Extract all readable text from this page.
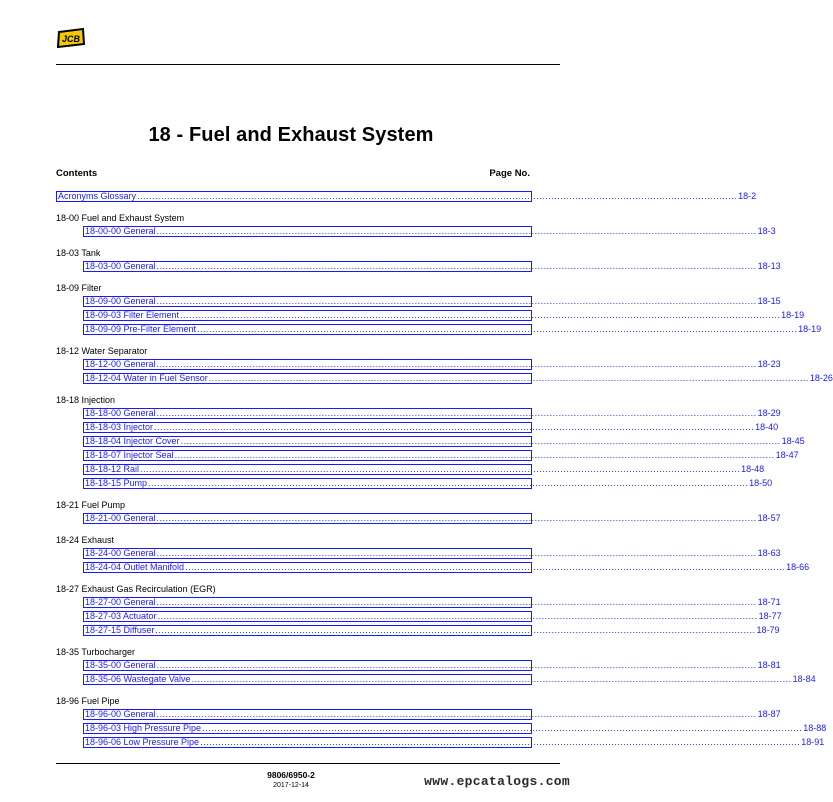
JCB
18 - Fuel and Exhaust System
Contents	Page No.
Acronyms Glossary ........................................................................................................................................................................................................ 18-2
18-00 Fuel and Exhaust System
18-00-00 General ........................................................................................................................................................................................................ 18-3
18-03 Tank
18-03-00 General ........................................................................................................................................................................................................ 18-13
18-09 Filter
18-09-00 General ........................................................................................................................................................................................................ 18-15
18-09-03 Filter Element ........................................................................................................................................................................................................ 18-19
18-09-09 Pre-Filter Element ........................................................................................................................................................................................................ 18-19
18-12 Water Separator
18-12-00 General ........................................................................................................................................................................................................ 18-23
18-12-04 Water in Fuel Sensor ........................................................................................................................................................................................................ 18-26
18-18 Injection
18-18-00 General ........................................................................................................................................................................................................ 18-29
18-18-03 Injector ........................................................................................................................................................................................................ 18-40
18-18-04 Injector Cover ........................................................................................................................................................................................................ 18-45
18-18-07 Injector Seal ........................................................................................................................................................................................................ 18-47
18-18-12 Rail ........................................................................................................................................................................................................ 18-48
18-18-15 Pump ........................................................................................................................................................................................................ 18-50
18-21 Fuel Pump
18-21-00 General ........................................................................................................................................................................................................ 18-57
18-24 Exhaust
18-24-00 General ........................................................................................................................................................................................................ 18-63
18-24-04 Outlet Manifold ........................................................................................................................................................................................................ 18-66
18-27 Exhaust Gas Recirculation (EGR)
18-27-00 General ........................................................................................................................................................................................................ 18-71
18-27-03 Actuator ........................................................................................................................................................................................................ 18-77
18-27-15 Diffuser ........................................................................................................................................................................................................ 18-79
18-35 Turbocharger
18-35-00 General ........................................................................................................................................................................................................ 18-81
18-35-06 Wastegate Valve ........................................................................................................................................................................................................ 18-84
18-96 Fuel Pipe
18-96-00 General ........................................................................................................................................................................................................ 18-87
18-96-03 High Pressure Pipe ........................................................................................................................................................................................................ 18-88
18-96-06 Low Pressure Pipe ........................................................................................................................................................................................................ 18-91
9806/6950-2
2017-12-14	www.epcatalogs.com
